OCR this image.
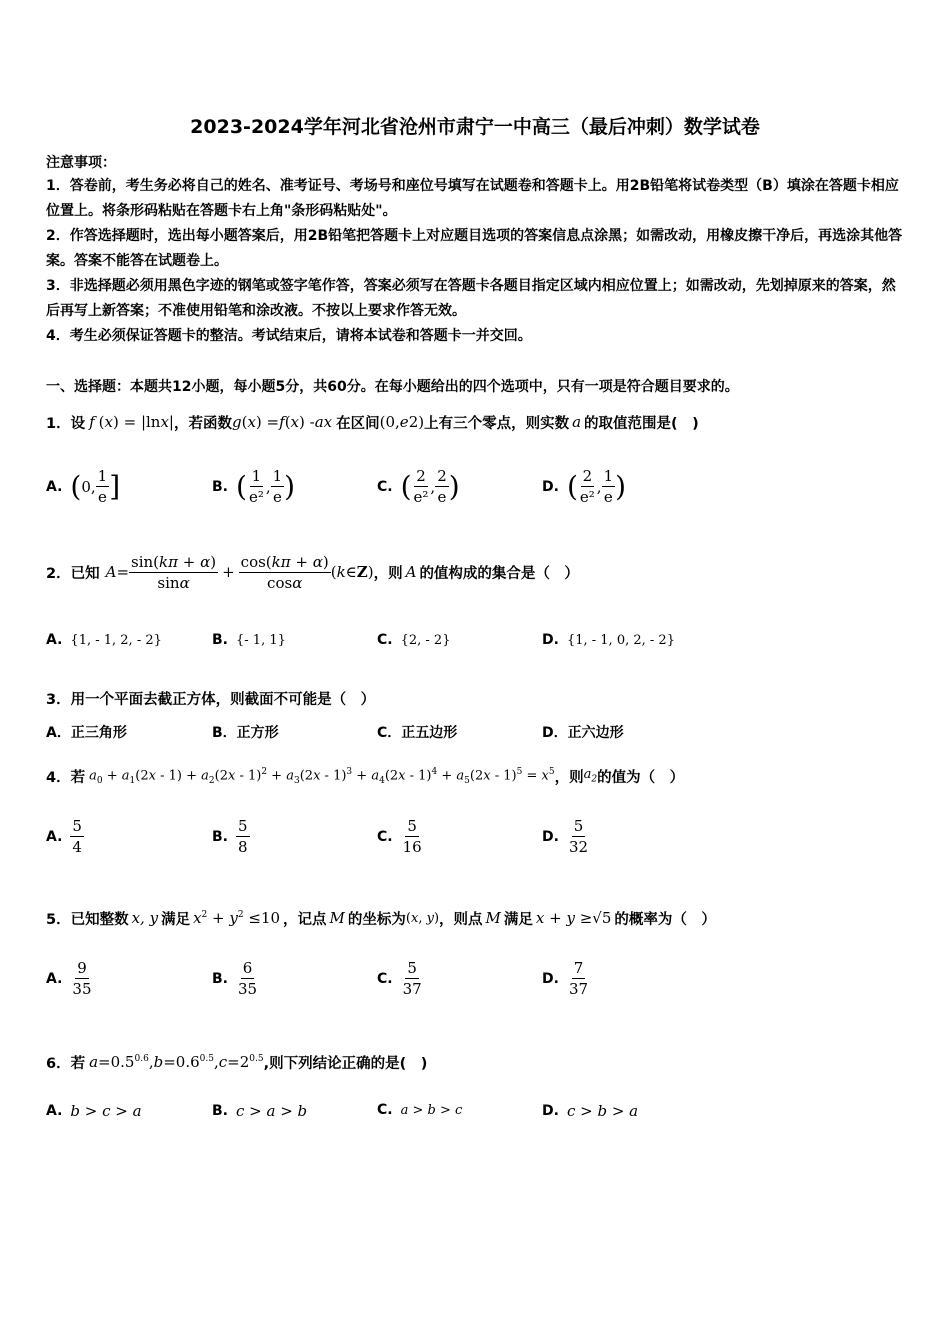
2023-2024学年河北省沧州市肃宁一中高三（最后冲刺）数学试卷
注意事项：
1．答卷前，考生务必将自己的姓名、准考证号、考场号和座位号填写在试题卷和答题卡上。用2B铅笔将试卷类型（B）填涂在答题卡相应位置上。将条形码粘贴在答题卡右上角"条形码粘贴处"。
2．作答选择题时，选出每小题答案后，用2B铅笔把答题卡上对应题目选项的答案信息点涂黑；如需改动，用橡皮擦干净后，再选涂其他答案。答案不能答在试题卷上。
3．非选择题必须用黑色字迹的钢笔或签字笔作答，答案必须写在答题卡各题目指定区域内相应位置上；如需改动，先划掉原来的答案，然后再写上新答案；不准使用铅笔和涂改液。不按以上要求作答无效。
4．考生必须保证答题卡的整洁。考试结束后，请将本试卷和答题卡一并交回。
一、选择题：本题共12小题，每小题5分，共60分。在每小题给出的四个选项中，只有一项是符合题目要求的。
1．设 f ( x ) = |ln x | ，若函数 g ( x ) = f ( x ) - ax 在区间 (0, e 2 ) 上有三个零点，则实数 a 的取值范围是(　)
A. ( 0, $\frac{1}{e}$ ]	B. ( $\frac{1}{\text{e²}}$ , $\frac{1}{e}$ )	C. ( $\frac{2}{\text{e²}}$ , $\frac{2}{e}$ )	D. ( $\frac{2}{\text{e²}}$ , $\frac{1}{e}$ )
2．已知 $A = \frac{\sin(k\pi + \alpha)}{\sin\alpha} + \frac{\cos(k\pi + \alpha)}{\cos\alpha}$ ( k ∈Z) ，则 A 的值构成的集合是（　）
A. {1, - 1, 2, - 2}	B. {- 1, 1}	C. {2, - 2}	D. {1, - 1, 0, 2, - 2}
3．用一个平面去截正方体，则截面不可能是（　）
A． 正三角形	B． 正方形	C． 正五边形	D． 正六边形
4．若 $a_0 + a_1(2x - 1) + a_2(2x - 1)^2 + a_3(2x - 1)^3 + a_4(2x - 1)^4 + a_5(2x - 1)^5 = x^5$ ，则 $a_2$ 的值为（　）
A. $\frac{5}{4}$	B. $\frac{5}{8}$	C. $\frac{5}{16}$	D. $\frac{5}{32}$
5．已知整数 x, y 满足 $x^2 + y^2 \le 10$ ，记点 M 的坐标为 (x, y) ，则点 M 满足 x + y ≥√5 的概率为（　）
A. $\frac{9}{35}$	B. $\frac{6}{35}$	C. $\frac{5}{37}$	D. $\frac{7}{37}$
6．若 $a=0.5^{0.6},b=0.6^{0.5},c=2^{0.5}$ ,则下列结论正确的是(　)
A. b > c > a	B. c > a > b	C. a > b > c	D. c > b > a
